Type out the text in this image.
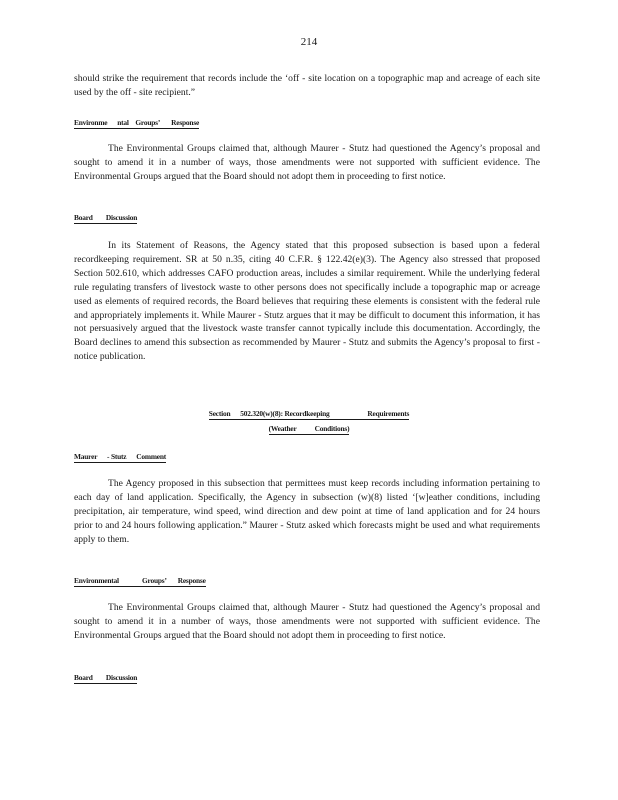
214

should strike the requirement that records include the ‘off - site location on a topographic map and acreage of each site used by the off - site recipient.”

Environme      ntal    Groups’       Response

The Environmental Groups claimed that, although Maurer - Stutz had questioned the Agency’s proposal and sought to amend it in a number of ways, those amendments were not supported with sufficient evidence. The Environmental Groups argued that the Board should not adopt them in proceeding to first notice.

Board        Discussion

In its Statement of Reasons, the Agency stated that this proposed subsection is based upon a federal recordkeeping requirement. SR at 50 n.35, citing 40 C.F.R. § 122.42(e)(3). The Agency also stressed that proposed Section 502.610, which addresses CAFO production areas, includes a similar requirement. While the underlying federal rule regulating transfers of livestock waste to other persons does not specifically include a topographic map or acreage used as elements of required records, the Board believes that requiring these elements is consistent with the federal rule and appropriately implements it. While Maurer - Stutz argues that it may be difficult to document this information, it has not persuasively argued that the livestock waste transfer cannot typically include this documentation. Accordingly, the Board declines to amend this subsection as recommended by Maurer - Stutz and submits the Agency’s proposal to first - notice publication.

Section      502.320(w)(8): Recordkeeping                       Requirements
(Weather           Conditions)
Maurer      - Stutz      Comment

The Agency proposed in this subsection that permittees must keep records including information pertaining to each day of land application. Specifically, the Agency in subsection (w)(8) listed ‘[w]eather conditions, including precipitation, air temperature, wind speed, wind direction and dew point at time of land application and for 24 hours prior to and 24 hours following application.” Maurer - Stutz asked which forecasts might be used and what requirements apply to them.

Environmental              Groups’       Response

The Environmental Groups claimed that, although Maurer - Stutz had questioned the Agency’s proposal and sought to amend it in a number of ways, those amendments were not supported with sufficient evidence. The Environmental Groups argued that the Board should not adopt them in proceeding to first notice.

Board        Discussion
